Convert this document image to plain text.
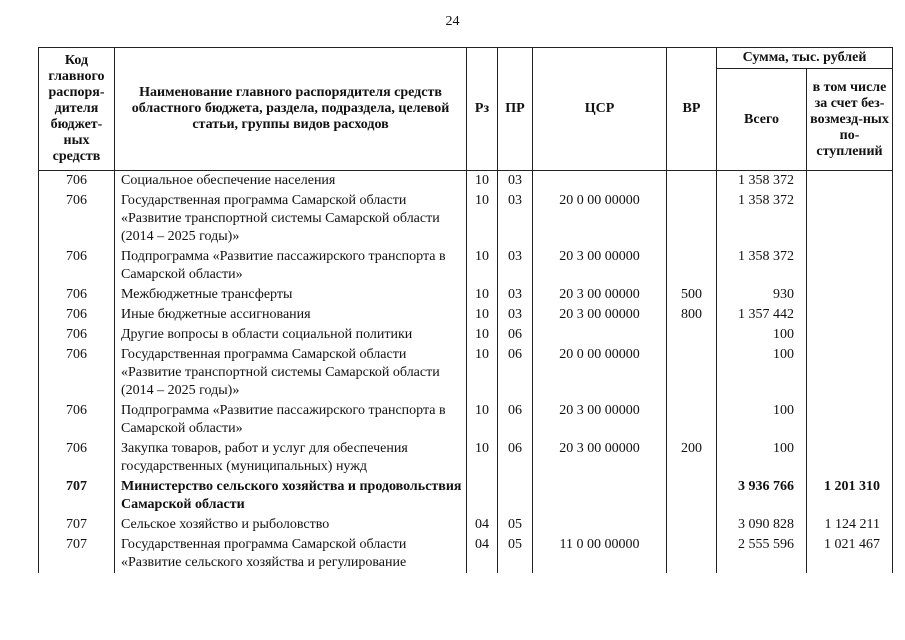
24
Код главного распоря-дителя бюджет-ных средств	Наименование главного распорядителя средств областного бюджета, раздела, подраздела, целевой статьи, группы видов расходов	Рз	ПР	ЦСР	ВР	Сумма, тыс. рублей	
						Всего	в том числе за счет без-возмезд-ных по-ступлений
706	Социальное обеспечение населения	10	03			1 358 372	
706	Государственная программа Самарской области «Развитие транспортной системы Самарской области (2014 – 2025 годы)»	10	03	20 0 00 00000		1 358 372	
706	Подпрограмма «Развитие пассажирского транспорта в Самарской области»	10	03	20 3 00 00000		1 358 372	
706	Межбюджетные трансферты	10	03	20 3 00 00000	500	930	
706	Иные бюджетные ассигнования	10	03	20 3 00 00000	800	1 357 442	
706	Другие вопросы в области социальной политики	10	06			100	
706	Государственная программа Самарской области «Развитие транспортной системы Самарской области (2014 – 2025 годы)»	10	06	20 0 00 00000		100	
706	Подпрограмма «Развитие пассажирского транспорта в Самарской области»	10	06	20 3 00 00000		100	
706	Закупка товаров, работ и услуг для обеспечения государственных (муниципальных) нужд	10	06	20 3 00 00000	200	100	
707	Министерство сельского хозяйства и продовольствия Самарской области					3 936 766	1 201 310
707	Сельское хозяйство и рыболовство	04	05			3 090 828	1 124 211
707	Государственная программа Самарской области «Развитие сельского хозяйства и регулирование	04	05	11 0 00 00000		2 555 596	1 021 467
